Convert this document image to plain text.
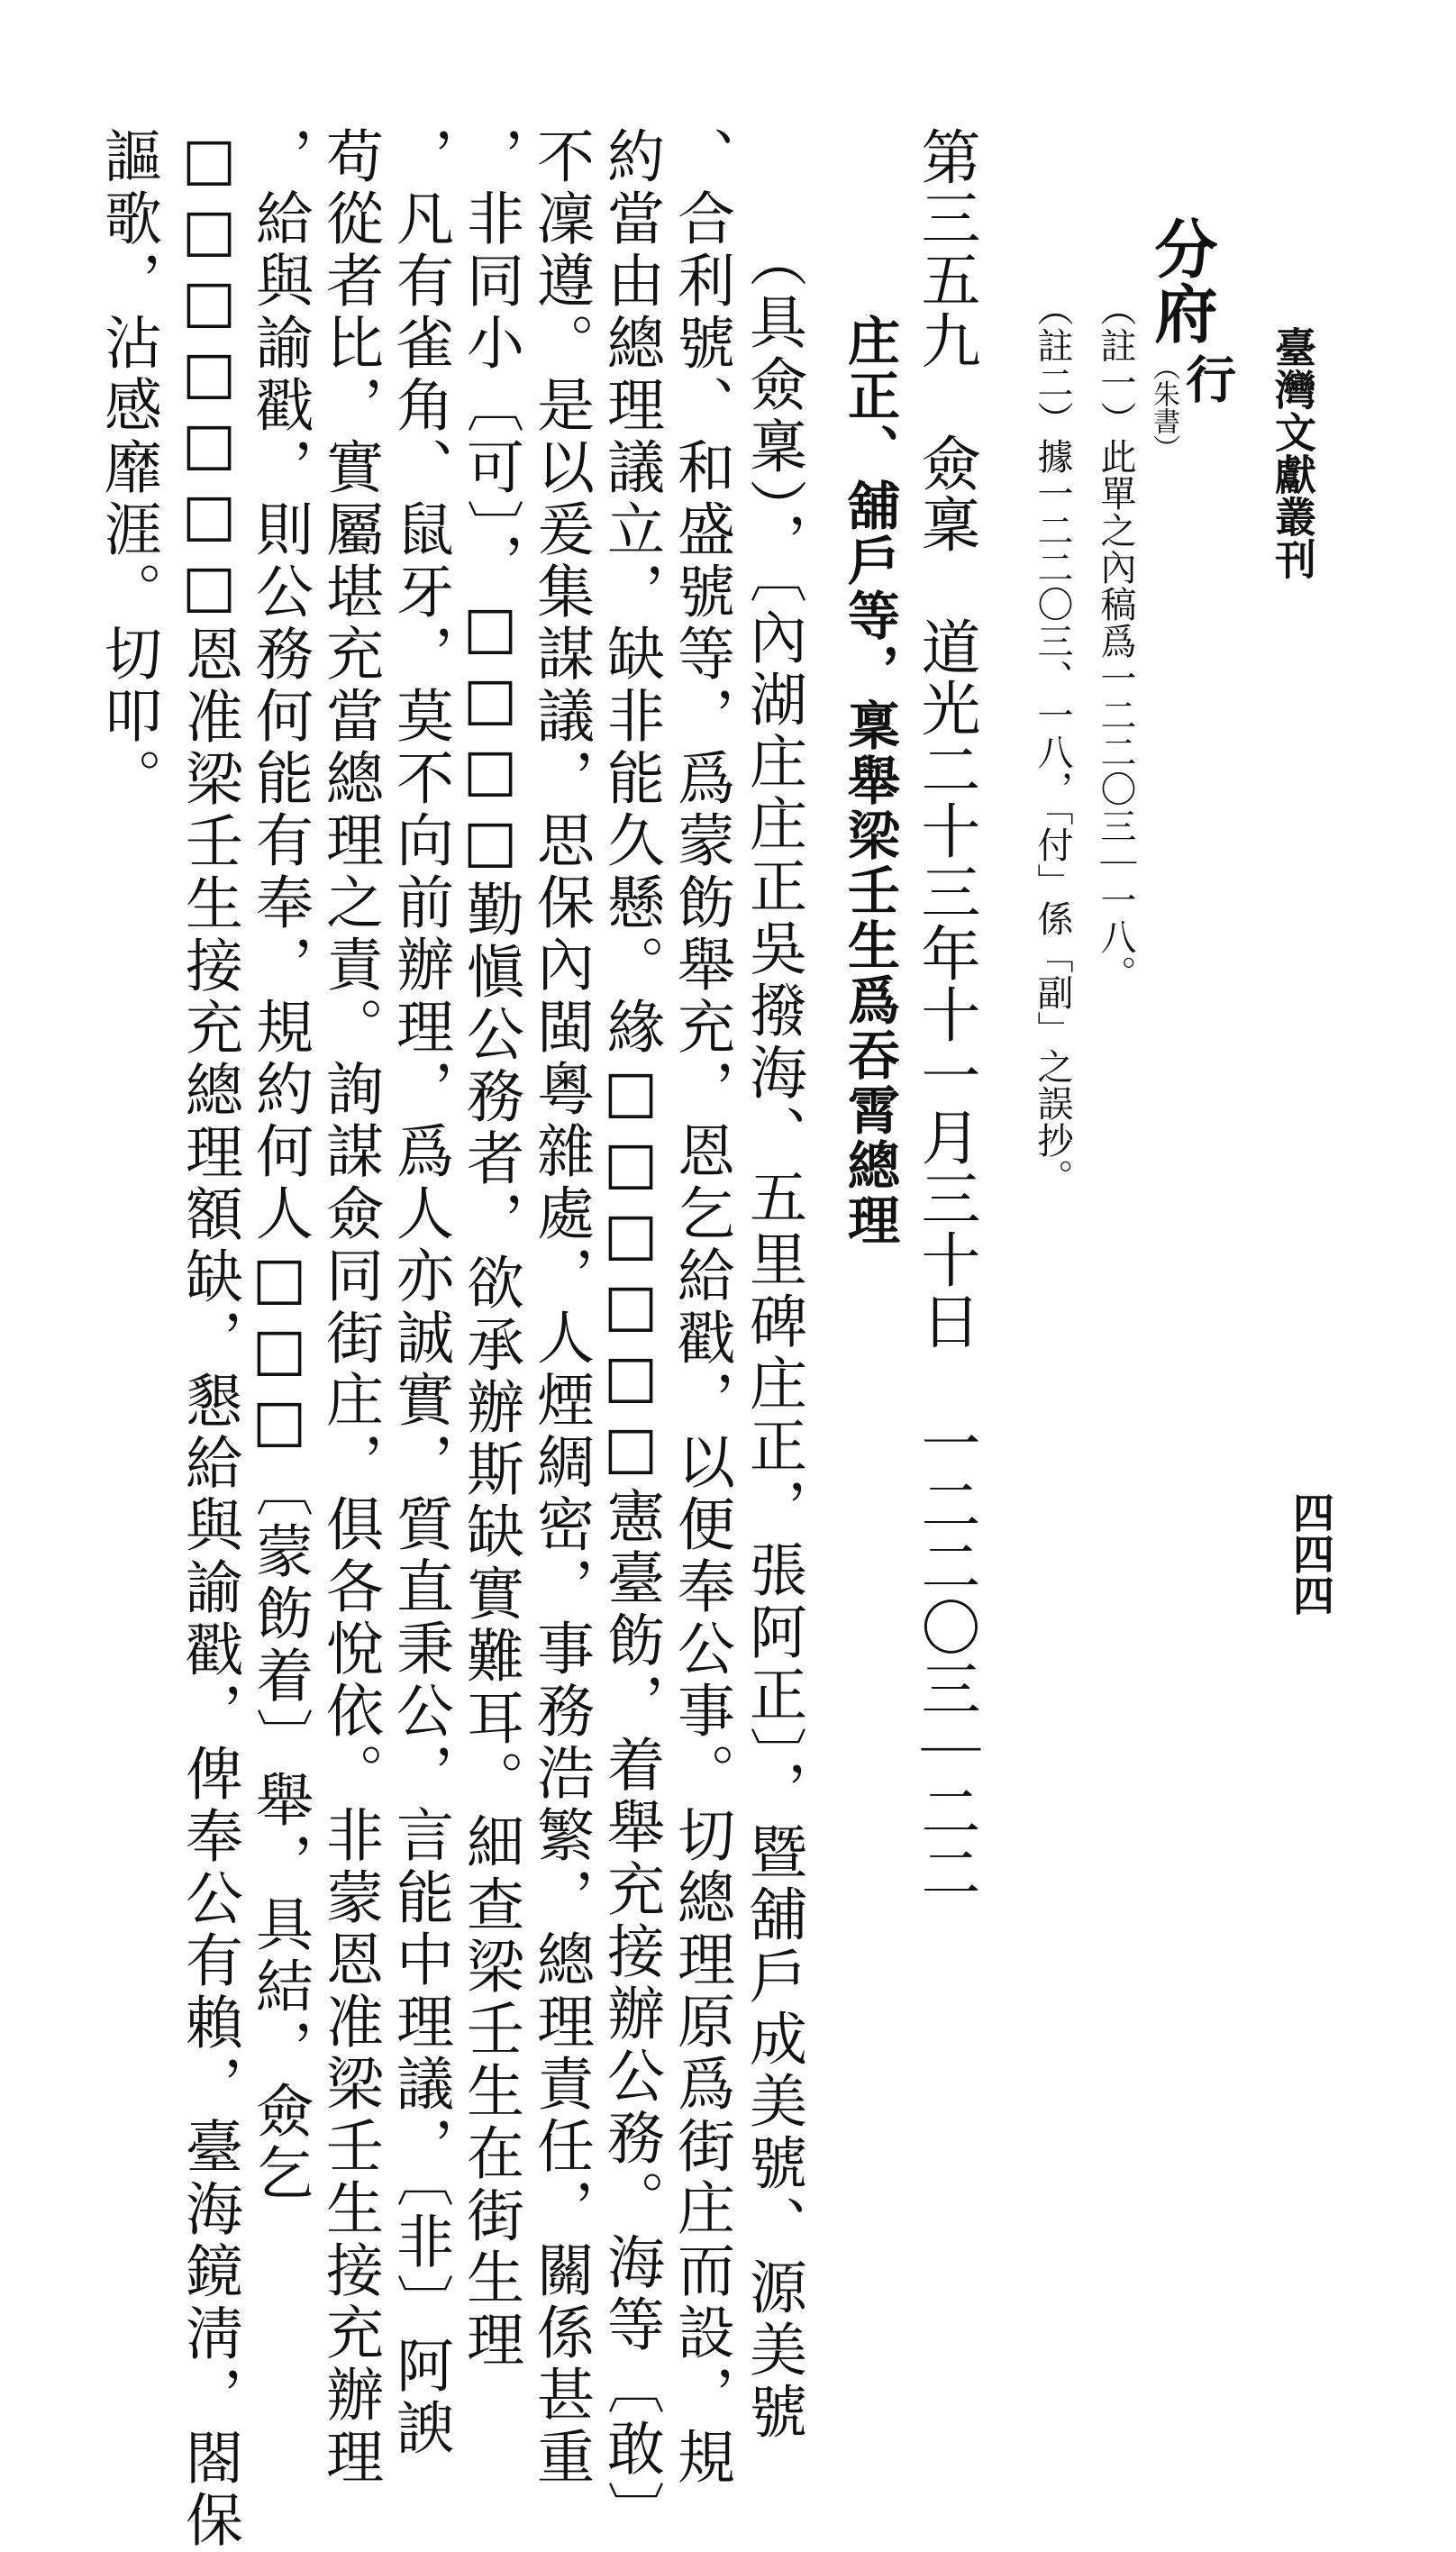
臺灣文獻叢刊
四四四
分府
行
（朱書）
（註一）此單之內稿爲一二二〇三｜一八。
（註二）據一二二〇三、一八，「付」係「副」之誤抄。
第三五九　僉稟　道光二十三年十一月三十日　一二二〇三｜二二
庄正、舖戶等，稟舉梁壬生爲吞霄總理
（具僉稟），〔內湖庄庄正吳撥海、五里碑庄正，張阿正〕，暨舖戶成美號、源美號
、合利號、和盛號等，爲蒙飭舉充，恩乞給戳，以便奉公事。切總理原爲街庄而設，規
約當由總理議立，缺非能久懸。緣□□□□□□憲臺飭，着舉充接辦公務。海等〔敢〕
不凜遵。是以爰集謀議，思保內閩粵雜處，人煙綢密，事務浩繁，總理責任，關係甚重
，非同小〔可〕，□□□□勤愼公務者，欲承辦斯缺實難耳。細查梁壬生在街生理
，凡有雀角、鼠牙，莫不向前辦理，爲人亦誠實，質直秉公，言能中理議，〔非〕阿諛
苟從者比，實屬堪充當總理之責。詢謀僉同街庄，俱各悅依。非蒙恩准梁壬生接充辦理
，給與諭戳，則公務何能有奉，規約何人□□□〔蒙飭着〕舉，具結，僉乞
□□□□□□□恩准梁壬生接充總理額缺，懇給與諭戳，俾奉公有賴，臺海鏡淸，閤保
謳歌，沾感靡涯。切叩。
